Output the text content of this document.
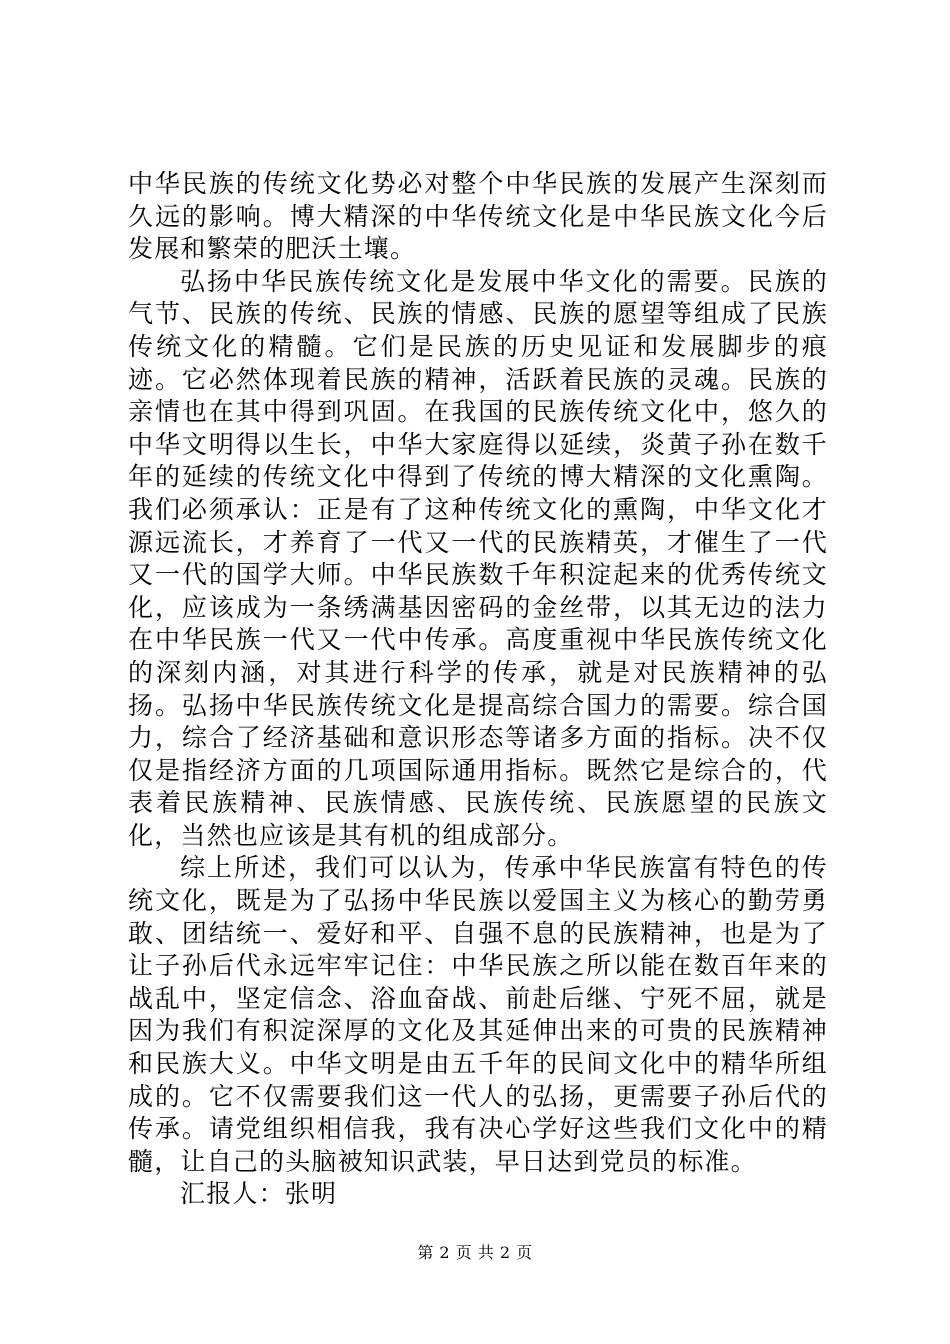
中华民族的传统文化势必对整个中华民族的发展产生深刻而久远的影响。博大精深的中华传统文化是中华民族文化今后发展和繁荣的肥沃土壤。

弘扬中华民族传统文化是发展中华文化的需要。民族的气节、民族的传统、民族的情感、民族的愿望等组成了民族传统文化的精髓。它们是民族的历史见证和发展脚步的痕迹。它必然体现着民族的精神，活跃着民族的灵魂。民族的亲情也在其中得到巩固。在我国的民族传统文化中，悠久的中华文明得以生长，中华大家庭得以延续，炎黄子孙在数千年的延续的传统文化中得到了传统的博大精深的文化熏陶。我们必须承认：正是有了这种传统文化的熏陶，中华文化才源远流长，才养育了一代又一代的民族精英，才催生了一代又一代的国学大师。中华民族数千年积淀起来的优秀传统文化，应该成为一条绣满基因密码的金丝带，以其无边的法力在中华民族一代又一代中传承。高度重视中华民族传统文化的深刻内涵，对其进行科学的传承，就是对民族精神的弘扬。弘扬中华民族传统文化是提高综合国力的需要。综合国力，综合了经济基础和意识形态等诸多方面的指标。决不仅仅是指经济方面的几项国际通用指标。既然它是综合的，代表着民族精神、民族情感、民族传统、民族愿望的民族文化，当然也应该是其有机的组成部分。

综上所述，我们可以认为，传承中华民族富有特色的传统文化，既是为了弘扬中华民族以爱国主义为核心的勤劳勇敢、团结统一、爱好和平、自强不息的民族精神，也是为了让子孙后代永远牢牢记住：中华民族之所以能在数百年来的战乱中，坚定信念、浴血奋战、前赴后继、宁死不屈，就是因为我们有积淀深厚的文化及其延伸出来的可贵的民族精神和民族大义。中华文明是由五千年的民间文化中的精华所组成的。它不仅需要我们这一代人的弘扬，更需要子孙后代的传承。请党组织相信我，我有决心学好这些我们文化中的精髓，让自己的头脑被知识武装，早日达到党员的标准。

汇报人：张明

第 2 页 共 2 页
